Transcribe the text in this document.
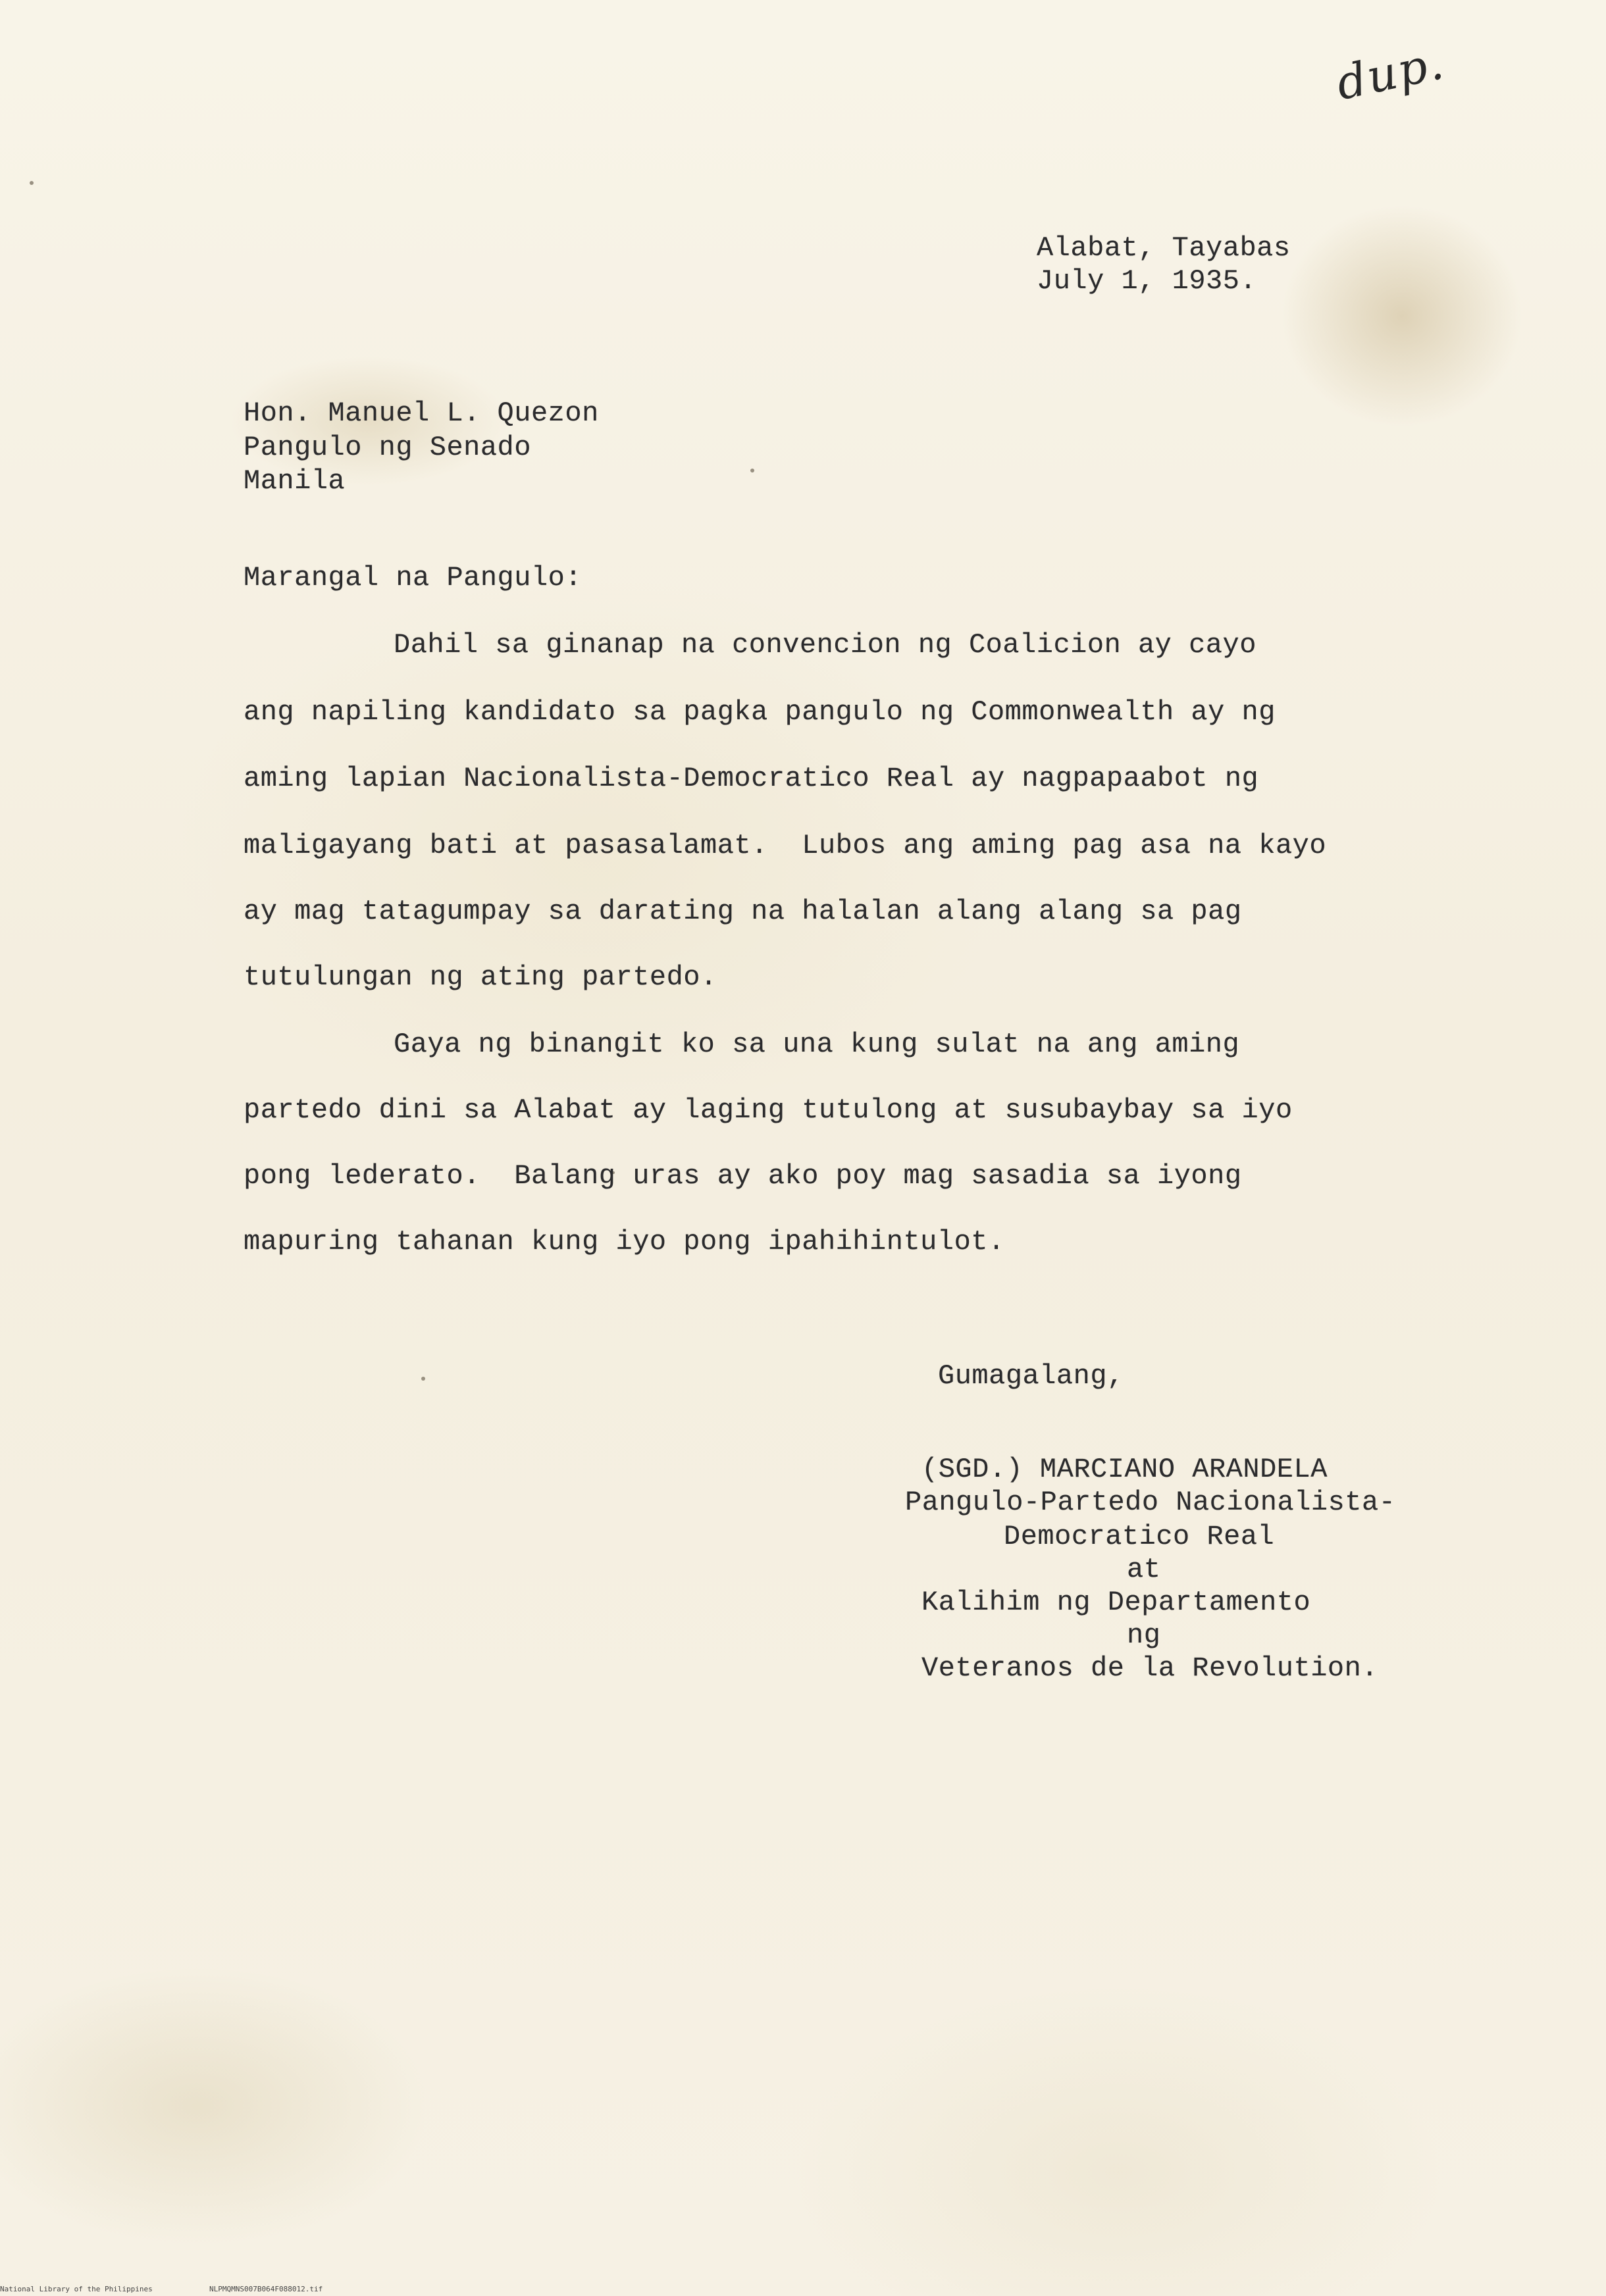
dup.
Alabat, Tayabas
July 1, 1935.
Hon. Manuel L. Quezon
Pangulo ng Senado
Manila
Marangal na Pangulo:
Dahil sa ginanap na convencion ng Coalicion ay cayo
ang napiling kandidato sa pagka pangulo ng Commonwealth ay ng
aming lapian Nacionalista-Democratico Real ay nagpapaabot ng
maligayang bati at pasasalamat.  Lubos ang aming pag asa na kayo
ay mag tatagumpay sa darating na halalan alang alang sa pag
tutulungan ng ating partedo.
Gaya ng binangit ko sa una kung sulat na ang aming
partedo dini sa Alabat ay laging tutulong at susubaybay sa iyo
pong lederato.  Balang uras ay ako poy mag sasadia sa iyong
mapuring tahanan kung iyo pong ipahihintulot.
Gumagalang,
(SGD.) MARCIANO ARANDELA
Pangulo-Partedo Nacionalista-
Democratico Real
at
Kalihim ng Departamento
ng
Veteranos de la Revolution.
National Library of the Philippines	NLPMQMNS007B064F088012.tif
